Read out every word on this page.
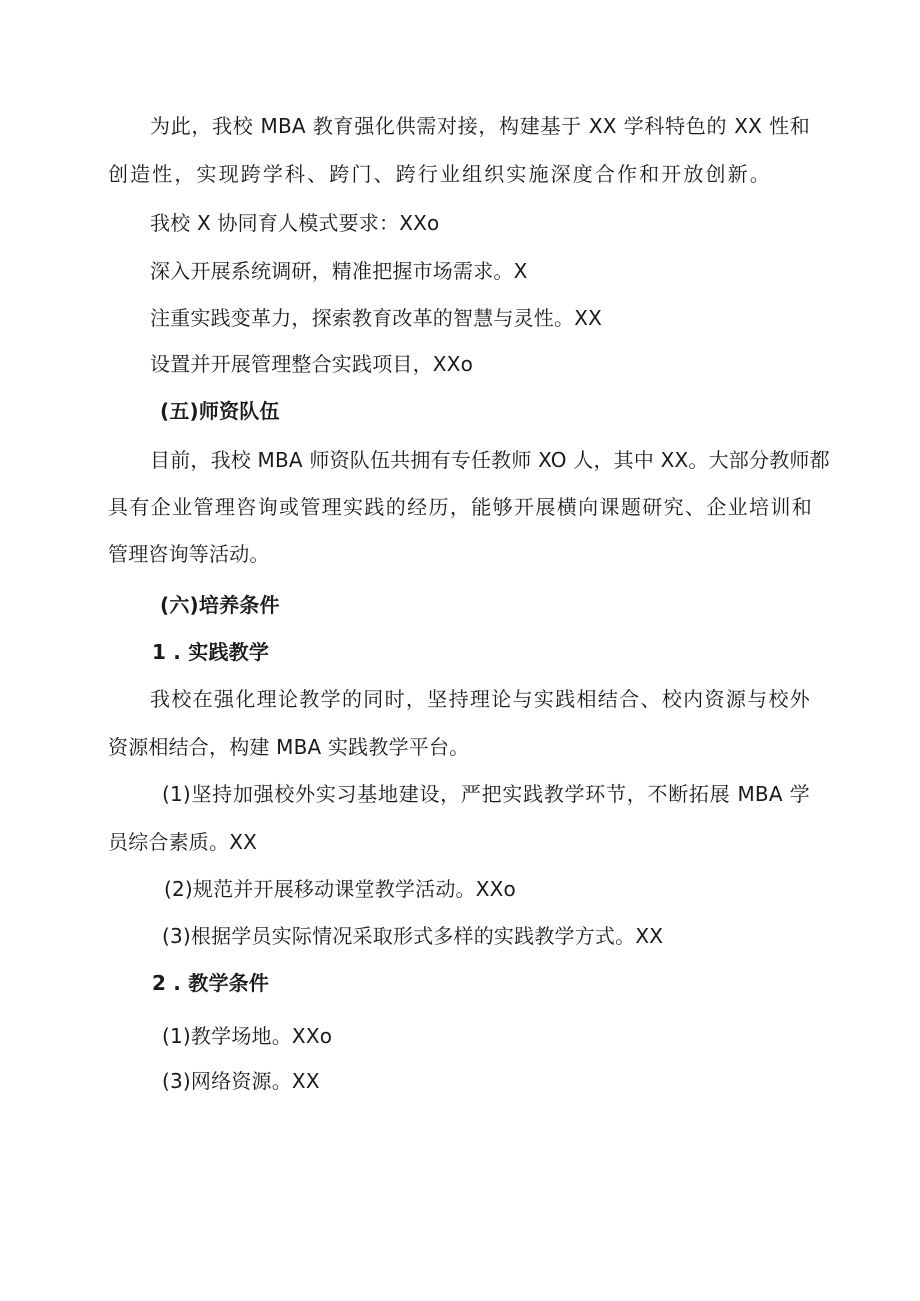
为此，我校 MBA 教育强化供需对接，构建基于 XX 学科特色的 XX 性和
创造性，实现跨学科、跨门、跨行业组织实施深度合作和开放创新。
我校 X 协同育人模式要求：XXo
深入开展系统调研，精准把握市场需求。X
注重实践变革力，探索教育改革的智慧与灵性。XX
设置并开展管理整合实践项目，XXo
(五)师资队伍
目前，我校 MBA 师资队伍共拥有专任教师 XO 人，其中 XX。大部分教师都
具有企业管理咨询或管理实践的经历，能够开展横向课题研究、企业培训和
管理咨询等活动。
(六)培养条件
1 . 实践教学
我校在强化理论教学的同时，坚持理论与实践相结合、校内资源与校外
资源相结合，构建 MBA 实践教学平台。
(1)坚持加强校外实习基地建设，严把实践教学环节，不断拓展 MBA 学
员综合素质。XX
(2)规范并开展移动课堂教学活动。XXo
(3)根据学员实际情况采取形式多样的实践教学方式。XX
2 . 教学条件
(1)教学场地。XXo
(3)网络资源。XX
